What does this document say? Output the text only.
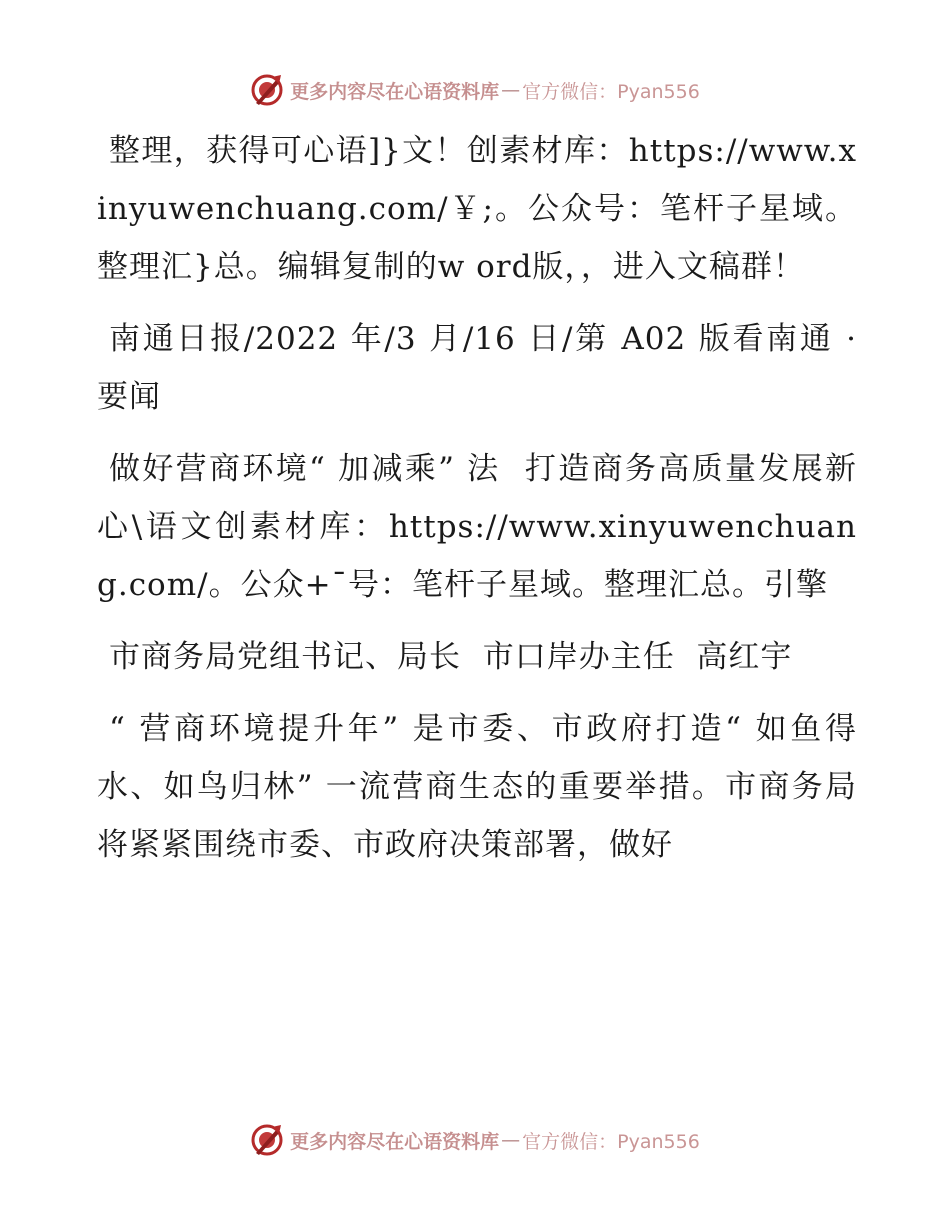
更多内容尽在心语资料库 — 官方微信：Pyan556

整理，获得可心语]}文！创素材库：https://www.xinyuwenchuang.com/￥;。公众号：笔杆子星域。整理汇}总。编辑复制的w ord版，，进入文稿群！

南通日报/2022 年/3 月/16 日/第 A02 版看南通 · 要闻

做好营商环境“ 加减乘” 法  打造商务高质量发展新心\语文创素材库：https://www.xinyuwenchuang.com/。公众+¯号：笔杆子星域。整理汇总。引擎

市商务局党组书记、局长  市口岸办主任  高红宇

“ 营商环境提升年” 是市委、市政府打造“ 如鱼得水、如鸟归林” 一流营商生态的重要举措。市商务局将紧紧围绕市委、市政府决策部署，做好

更多内容尽在心语资料库 — 官方微信：Pyan556
